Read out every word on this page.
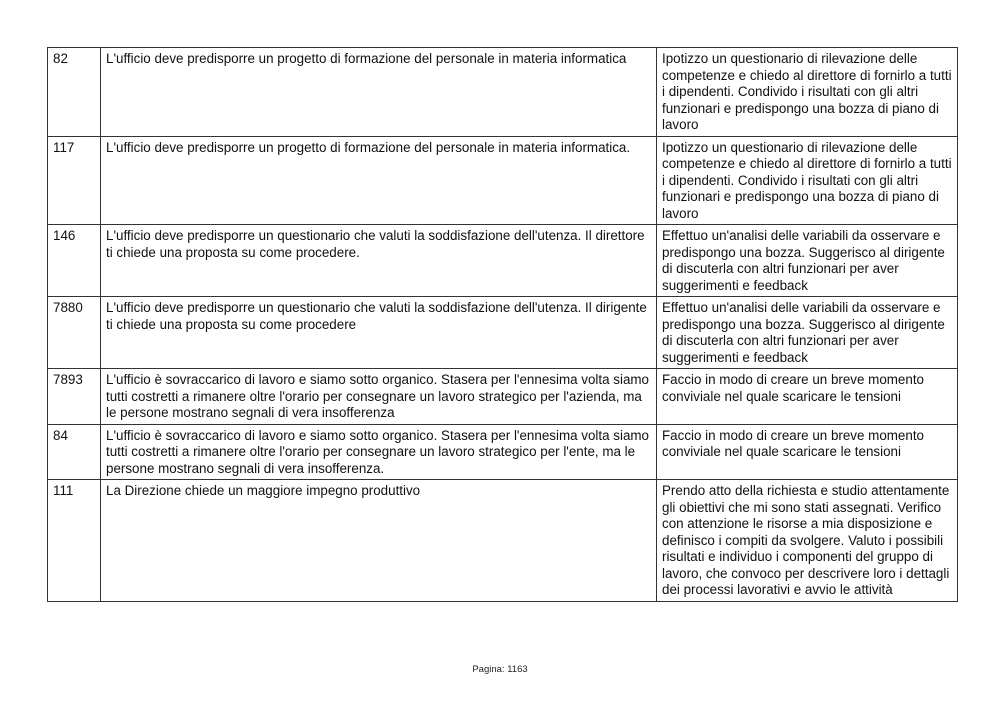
82	L'ufficio deve predisporre un progetto di formazione del personale in materia informatica	Ipotizzo un questionario di rilevazione delle competenze e chiedo al direttore di fornirlo a tutti i dipendenti. Condivido i risultati con gli altri funzionari e predispongo una bozza di piano di lavoro
117	L'ufficio deve predisporre un progetto di formazione del personale in materia informatica.	Ipotizzo un questionario di rilevazione delle competenze e chiedo al direttore di fornirlo a tutti i dipendenti. Condivido i risultati con gli altri funzionari e predispongo una bozza di piano di lavoro
146	L'ufficio deve predisporre un questionario che valuti la soddisfazione dell'utenza. Il direttore ti chiede una proposta su come procedere.	Effettuo un'analisi delle variabili da osservare e predispongo una bozza. Suggerisco al dirigente di discuterla con altri funzionari per aver suggerimenti e feedback
7880	L'ufficio deve predisporre un questionario che valuti la soddisfazione dell'utenza. Il dirigente ti chiede una proposta su come procedere	Effettuo un'analisi delle variabili da osservare e predispongo una bozza. Suggerisco al dirigente di discuterla con altri funzionari per aver suggerimenti e feedback
7893	L'ufficio è sovraccarico di lavoro e siamo sotto organico. Stasera per l'ennesima volta siamo tutti costretti a rimanere oltre l'orario per consegnare un lavoro strategico per l'azienda, ma le persone mostrano segnali di vera insofferenza	Faccio in modo di creare un breve momento conviviale nel quale scaricare le tensioni
84	L'ufficio è sovraccarico di lavoro e siamo sotto organico. Stasera per l'ennesima volta siamo tutti costretti a rimanere oltre l'orario per consegnare un lavoro strategico per l'ente, ma le persone mostrano segnali di vera insofferenza.	Faccio in modo di creare un breve momento conviviale nel quale scaricare le tensioni
111	La Direzione chiede un maggiore impegno produttivo	Prendo atto della richiesta e studio attentamente gli obiettivi che mi sono stati assegnati. Verifico con attenzione le risorse a mia disposizione e definisco i compiti da svolgere. Valuto i possibili risultati e individuo i componenti del gruppo di lavoro, che convoco per descrivere loro i dettagli dei processi lavorativi e avvio le attività
Pagina: 1163
